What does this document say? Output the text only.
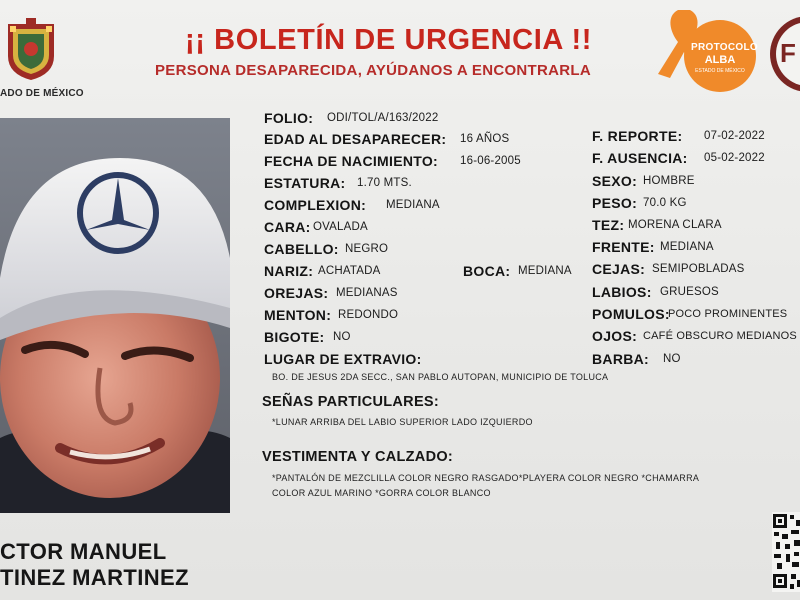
ADO DE MÉXICO
¡¡ BOLETÍN DE URGENCIA !!
PERSONA DESAPARECIDA, AYÚDANOS A ENCONTRARLA
PROTOCOLO
ALBA
ESTADO DE MÉXICO
F
CTOR MANUEL
TINEZ MARTINEZ
FOLIO: ODI/TOL/A/163/2022
EDAD AL DESAPARECER: 16 AÑOS
FECHA DE NACIMIENTO: 16-06-2005
ESTATURA: 1.70 MTS.
COMPLEXION: MEDIANA
CARA: OVALADA
CABELLO: NEGRO
NARIZ: ACHATADA	BOCA: MEDIANA
OREJAS: MEDIANAS
MENTON: REDONDO
BIGOTE: NO
F. REPORTE: 07-02-2022
F. AUSENCIA: 05-02-2022
SEXO: HOMBRE
PESO: 70.0 KG
TEZ: MORENA CLARA
FRENTE: MEDIANA
CEJAS: SEMIPOBLADAS
LABIOS: GRUESOS
POMULOS:
POCO PROMINENTES
OJOS: CAFÉ OBSCURO MEDIANOS
BARBA: NO
LUGAR DE EXTRAVIO:
BO. DE JESUS 2DA SECC., SAN PABLO AUTOPAN, MUNICIPIO DE TOLUCA
SEÑAS PARTICULARES:
*LUNAR ARRIBA DEL LABIO SUPERIOR LADO IZQUIERDO
VESTIMENTA Y CALZADO:
*PANTALÓN DE MEZCLILLA COLOR NEGRO RASGADO*PLAYERA COLOR NEGRO *CHAMARRA
COLOR AZUL MARINO *GORRA COLOR BLANCO
